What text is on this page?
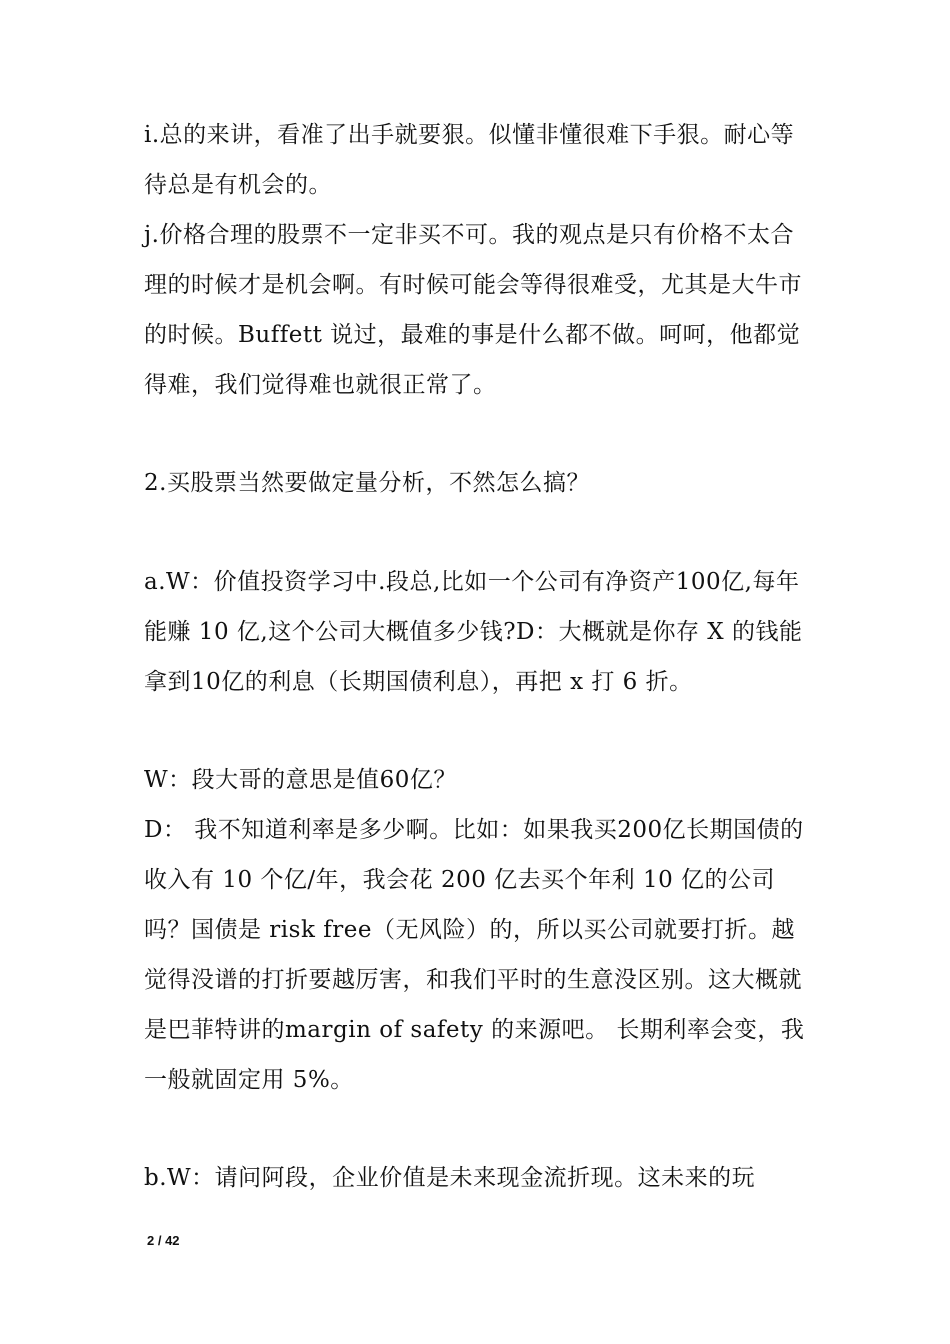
i.总的来讲，看准了出手就要狠。似懂非懂很难下手狠。耐心等待总是有机会的。

j.价格合理的股票不一定非买不可。我的观点是只有价格不太合理的时候才是机会啊。有时候可能会等得很难受，尤其是大牛市的时候。Buffett 说过，最难的事是什么都不做。呵呵，他都觉得难，我们觉得难也就很正常了。

2.买股票当然要做定量分析，不然怎么搞？

a.W：价值投资学习中.段总,比如一个公司有净资产100亿,每年能赚 10 亿,这个公司大概值多少钱?D：大概就是你存 X 的钱能拿到10亿的利息（长期国债利息），再把 x 打 6 折。

W：段大哥的意思是值60亿？

D： 我不知道利率是多少啊。比如：如果我买200亿长期国债的收入有 10 个亿/年，我会花 200 亿去买个年利 10 亿的公司吗？国债是 risk free（无风险）的，所以买公司就要打折。越觉得没谱的打折要越厉害，和我们平时的生意没区别。这大概就是巴菲特讲的margin of safety 的来源吧。 长期利率会变，我一般就固定用 5%。

b.W：请问阿段，企业价值是未来现金流折现。这未来的玩

2 / 42
